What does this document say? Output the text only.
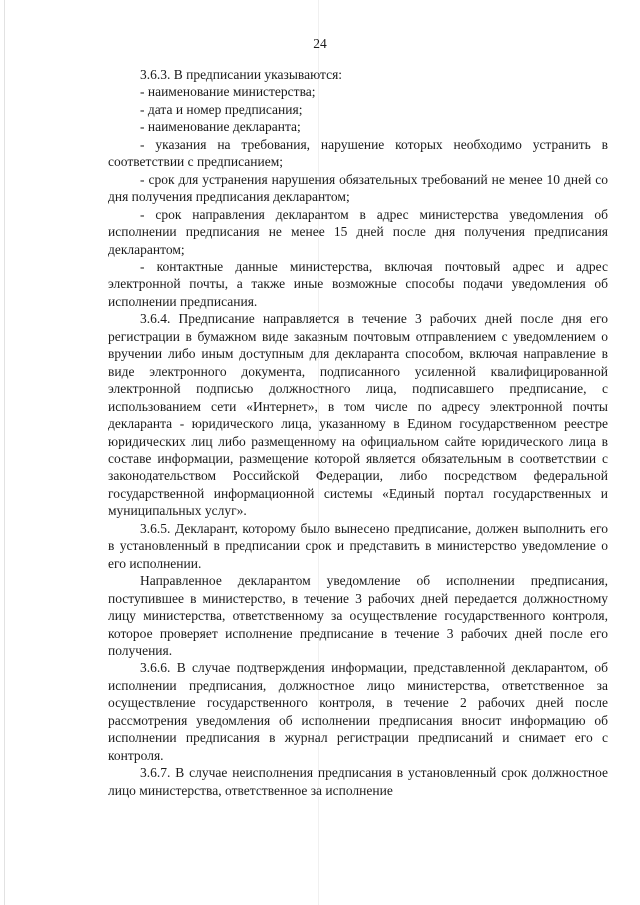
24

3.6.3. В предписании указываются:

- наименование министерства;

- дата и номер предписания;

- наименование декларанта;

- указания на требования, нарушение которых необходимо устранить в соответствии с предписанием;

- срок для устранения нарушения обязательных требований не менее 10 дней со дня получения предписания декларантом;

- срок направления декларантом в адрес министерства уведомления об исполнении предписания не менее 15 дней после дня получения предписания декларантом;

- контактные данные министерства, включая почтовый адрес и адрес электронной почты, а также иные возможные способы подачи уведомления об исполнении предписания.

3.6.4. Предписание направляется в течение 3 рабочих дней после дня его регистрации в бумажном виде заказным почтовым отправлением с уведомлением о вручении либо иным доступным для декларанта способом, включая направление в виде электронного документа, подписанного усиленной квалифицированной электронной подписью должностного лица, подписавшего предписание, с использованием сети «Интернет», в том числе по адресу электронной почты декларанта - юридического лица, указанному в Едином государственном реестре юридических лиц либо размещенному на официальном сайте юридического лица в составе информации, размещение которой является обязательным в соответствии с законодательством Российской Федерации, либо посредством федеральной государственной информационной системы «Единый портал государственных и муниципальных услуг».

3.6.5. Декларант, которому было вынесено предписание, должен выполнить его в установленный в предписании срок и представить в министерство уведомление о его исполнении.

Направленное декларантом уведомление об исполнении предписания, поступившее в министерство, в течение 3 рабочих дней передается должностному лицу министерства, ответственному за осуществление государственного контроля, которое проверяет исполнение предписание в течение 3 рабочих дней после его получения.

3.6.6. В случае подтверждения информации, представленной декларантом, об исполнении предписания, должностное лицо министерства, ответственное за осуществление государственного контроля, в течение 2 рабочих дней после рассмотрения уведомления об исполнении предписания вносит информацию об исполнении предписания в журнал регистрации предписаний и снимает его с контроля.

3.6.7. В случае неисполнения предписания в установленный срок должностное лицо министерства, ответственное за исполнение
